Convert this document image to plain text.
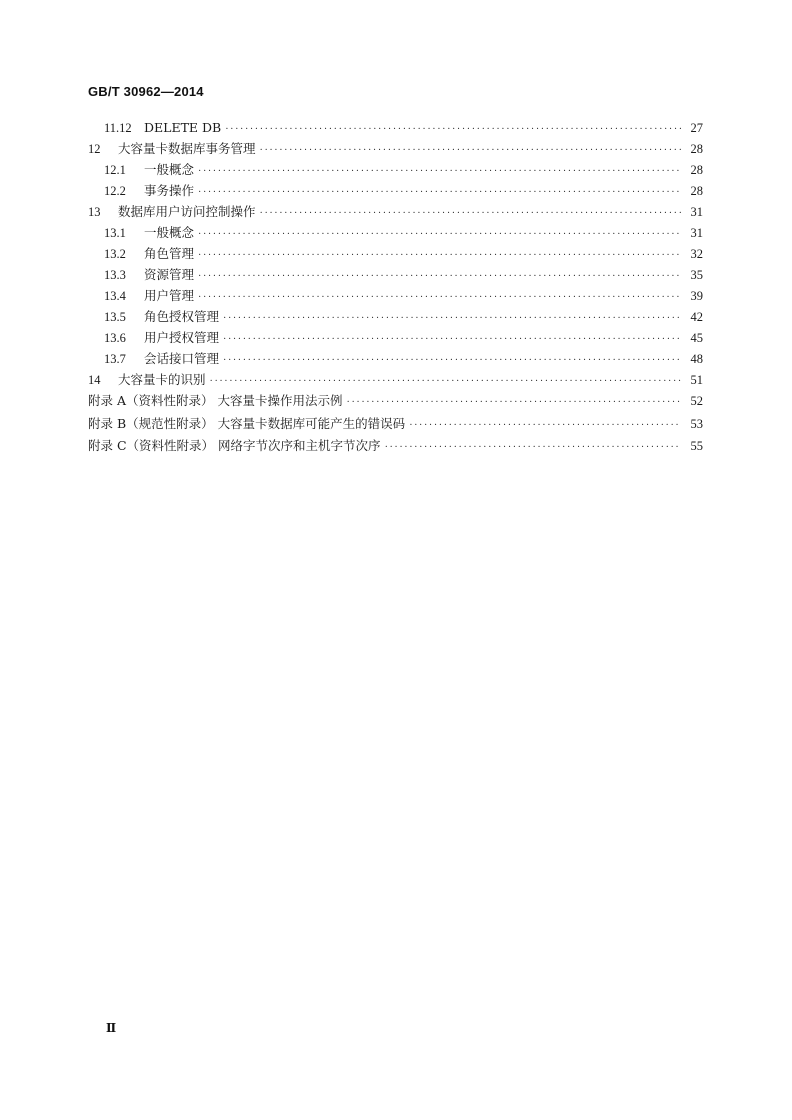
GB/T 30962—2014
11.12 DELETE DB ·····	27
12	大容量卡数据库事务管理 ·····	28
12.1	一般概念 ·····	28
12.2	事务操作 ·····	28
13	数据库用户访问控制操作 ·····	31
13.1	一般概念 ·····	31
13.2	角色管理 ·····	32
13.3	资源管理 ·····	35
13.4	用户管理 ·····	39
13.5	角色授权管理 ·····	42
13.6	用户授权管理 ·····	45
13.7	会话接口管理 ·····	48
14	大容量卡的识别 ·····	51
附录 A（资料性附录） 大容量卡操作用法示例 ·····	52
附录 B（规范性附录） 大容量卡数据库可能产生的错误码 ·····	53
附录 C（资料性附录） 网络字节次序和主机字节次序 ·····	55
Ⅱ
